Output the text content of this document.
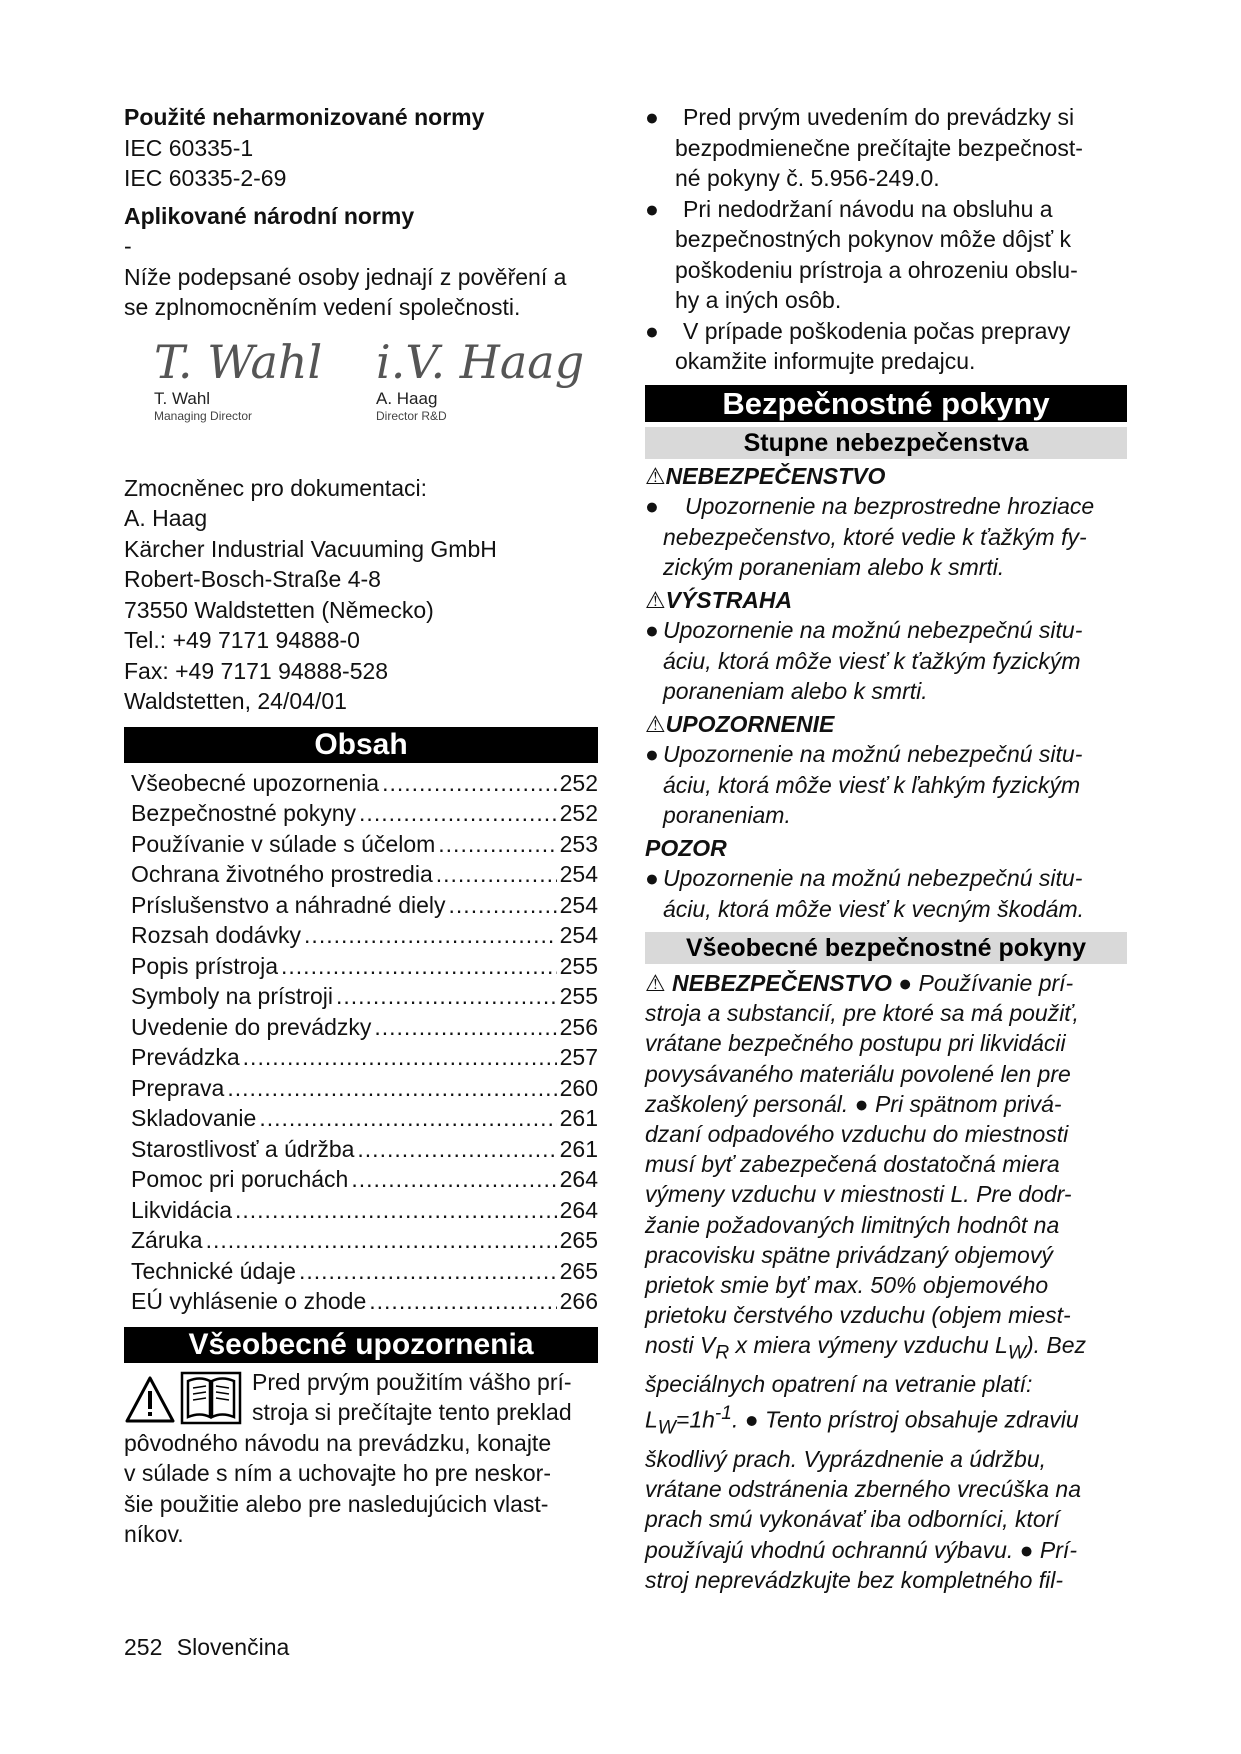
Použité neharmonizované normy
IEC 60335-1
IEC 60335-2-69
Aplikované národní normy
-
Níže podepsané osoby jednají z pověření a
se zplnomocněním vedení společnosti.
T. Wahl
T. Wahl
Managing Director
i.V. Haag
A. Haag
Director R&D
Zmocněnec pro dokumentaci:
A. Haag
Kärcher Industrial Vacuuming GmbH
Robert-Bosch-Straße 4-8
73550 Waldstetten (Německo)
Tel.: +49 7171 94888-0
Fax: +49 7171 94888-528
Waldstetten, 24/04/01
Obsah
Všeobecné upozornenia .....	252
Bezpečnostné pokyny .....	252
Používanie v súlade s účelom .....	253
Ochrana životného prostredia .....	254
Príslušenstvo a náhradné diely .....	254
Rozsah dodávky .....	254
Popis prístroja .....	255
Symboly na prístroji .....	255
Uvedenie do prevádzky .....	256
Prevádzka .....	257
Preprava .....	260
Skladovanie .....	261
Starostlivosť a údržba .....	261
Pomoc pri poruchách .....	264
Likvidácia .....	264
Záruka .....	265
Technické údaje .....	265
EÚ vyhlásenie o zhode .....	266
Všeobecné upozornenia
Pred prvým použitím vášho prí-
stroja si prečítajte tento preklad
pôvodného návodu na prevádzku, konajte
v súlade s ním a uchovajte ho pre neskor-
šie použitie alebo pre nasledujúcich vlast-
níkov.
●	Pred prvým uvedením do prevádzky si
bezpodmienečne prečítajte bezpečnost-
né pokyny č. 5.956-249.0.
●	Pri nedodržaní návodu na obsluhu a
bezpečnostných pokynov môže dôjsť k
poškodeniu prístroja a ohrozeniu obslu-
hy a iných osôb.
●	V prípade poškodenia počas prepravy
okamžite informujte predajcu.
Bezpečnostné pokyny
Stupne nebezpečenstva
⚠NEBEZPEČENSTVO
●	Upozornenie na bezprostredne hroziace
nebezpečenstvo, ktoré vedie k ťažkým fy-
zickým poraneniam alebo k smrti.
⚠VÝSTRAHA
● Upozornenie na možnú nebezpečnú situ-
áciu, ktorá môže viesť k ťažkým fyzickým
poraneniam alebo k smrti.
⚠UPOZORNENIE
● Upozornenie na možnú nebezpečnú situ-
áciu, ktorá môže viesť k ľahkým fyzickým
poraneniam.
POZOR
● Upozornenie na možnú nebezpečnú situ-
áciu, ktorá môže viesť k vecným škodám.
Všeobecné bezpečnostné pokyny
⚠ NEBEZPEČENSTVO ● Používanie prí-
stroja a substancií, pre ktoré sa má použiť,
vrátane bezpečného postupu pri likvidácii
povysávaného materiálu povolené len pre
zaškolený personál. ● Pri spätnom privá-
dzaní odpadového vzduchu do miestnosti
musí byť zabezpečená dostatočná miera
výmeny vzduchu v miestnosti L. Pre dodr-
žanie požadovaných limitných hodnôt na
pracovisku spätne privádzaný objemový
prietok smie byť max. 50% objemového
prietoku čerstvého vzduchu (objem miest-
nosti $V_R$ x miera výmeny vzduchu $L_W$). Bez
špeciálnych opatrení na vetranie platí:
$L_W=1h^{-1}$. ● Tento prístroj obsahuje zdraviu
škodlivý prach. Vyprázdnenie a údržbu,
vrátane odstránenia zberného vrecúška na
prach smú vykonávať iba odborníci, ktorí
používajú vhodnú ochrannú výbavu. ● Prí-
stroj neprevádzkujte bez kompletného fil-
252 Slovenčina
